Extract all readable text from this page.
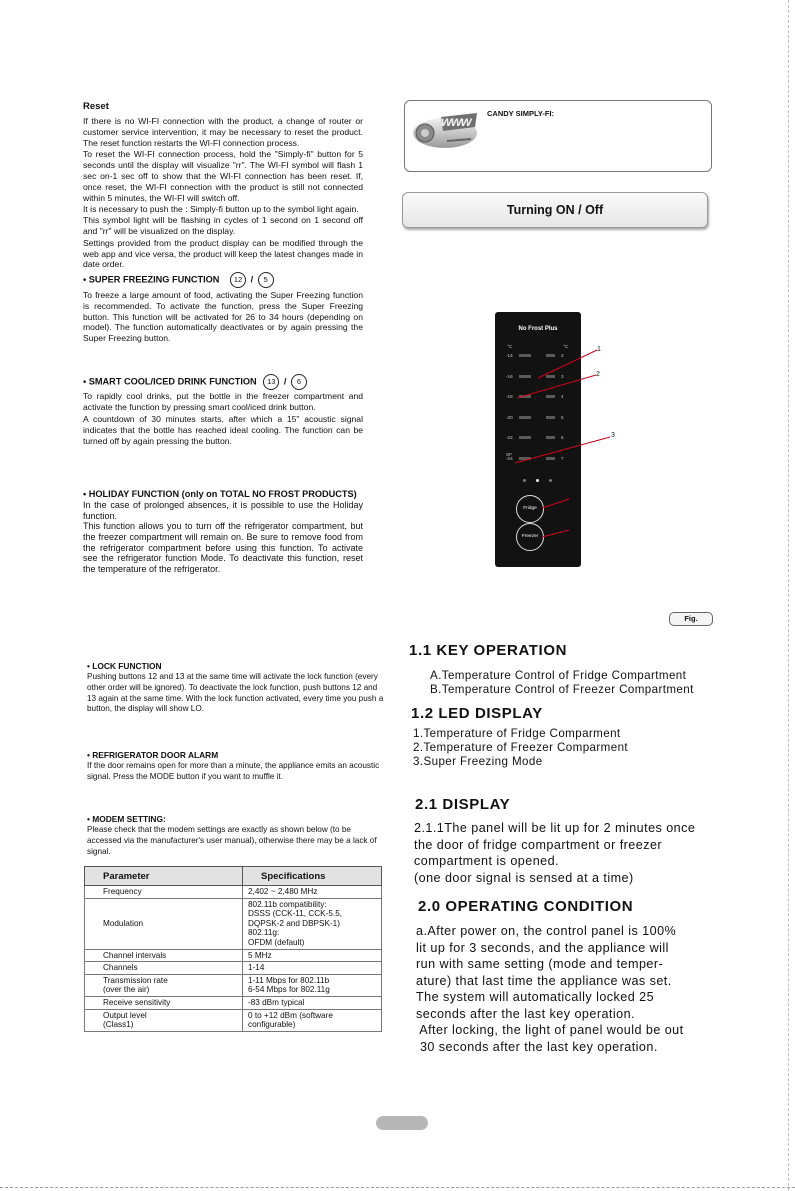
Reset

If there is no WI-FI connection with the product, a change of router or customer service intervention, it may be necessary to reset the product. The reset function restarts the WI-FI connection process.

To reset the WI-FI connection process, hold the "Simply-fi" button for 5 seconds until the display will visualize "rr". The WI-FI symbol will flash 1 sec on-1 sec off to show that the WI-FI connection has been reset. If, once reset, the WI-FI connection with the product is still not connected within 5 minutes, the WI-FI will switch off.

It is necessary to push the : Simply-fi button up to the symbol light again.

This symbol light will be flashing in cycles of 1 second on 1 second off and "rr" will be visualized on the display.

Settings provided from the product display can be modified through the web app and vice versa, the product will keep the latest changes made in date order.

• SUPER FREEZING FUNCTION 12 / 5

To freeze a large amount of food, activating the Super Freezing function is recommended. To activate the function, press the Super Freezing button. This function will be activated for 26 to 34 hours (depending on model). The function automatically deactivates or by again pressing the Super Freezing button.

• SMART COOL/ICED DRINK FUNCTION 13 / 6

To rapidly cool drinks, put the bottle in the freezer compartment and activate the function by pressing smart cool/iced drink button.

A countdown of 30 minutes starts, after which a 15" acoustic signal indicates that the bottle has reached ideal cooling. The function can be turned off by again pressing the button.

• HOLIDAY FUNCTION (only on TOTAL NO FROST PRODUCTS)

In the case of prolonged absences, it is possible to use the Holiday function.

This function allows you to turn off the refrigerator compartment, but the freezer compartment will remain on. Be sure to remove food from the refrigerator compartment before using this function. To activate see the refrigerator function Mode. To deactivate this function, reset the temperature of the refrigerator.

• LOCK FUNCTION

Pushing buttons 12 and 13 at the same time will activate the lock function (every other order will be ignored). To deactivate the lock function, push buttons 12 and 13 again at the same time. With the lock function activated, every time you push a button, the display will show LO.

• REFRIGERATOR DOOR ALARM

If the door remains open for more than a minute, the appliance emits an acoustic signal. Press the MODE button if you want to muffle it.

• MODEM SETTING:

Please check that the modem settings are exactly as shown below (to be accessed via the manufacturer's user manual), otherwise there may be a lack of signal.

Parameter	Specifications
Frequency	2,402 ~ 2,480 MHz
Modulation	802.11b compatibility:
DSSS (CCK-11, CCK-5.5,
DQPSK-2 and DBPSK-1)
802.11g:
OFDM (default)
Channel intervals	5 MHz
Channels	1-14
Transmission rate
(over the air)	1-11 Mbps for 802.11b
6-54 Mbps for 802.11g
Receive sensitivity	-83 dBm typical
Output level
(Class1)	0 to +12 dBm (software
configurable)
www CANDY SIMPLY-FI:
Turning ON / Off
No Frost Plus
°C	°C
-14	2
-16	3
-18	4
-20	5
-22	6
-24	7
SF
Fridge
Freezer
1
2
3
A
B
Fig.
1.1 KEY OPERATION
A.Temperature Control of Fridge Compartment
B.Temperature Control of Freezer Compartment
1.2 LED DISPLAY
1.Temperature of Fridge Comparment
2.Temperature of Freezer Comparment
3.Super Freezing Mode
2.1 DISPLAY
2.1.1The panel will be lit up for 2 minutes once
the door of fridge compartment or freezer
compartment is opened.
(one door signal is sensed at a time)
2.0 OPERATING CONDITION
a.After power on, the control panel is 100%
lit up for 3 seconds, and the appliance will
run with same setting (mode and temper-
ature) that last time the appliance was set.
The system will automatically locked 25
seconds after the last key operation.
After locking, the light of panel would be out
30 seconds after the last key operation.
